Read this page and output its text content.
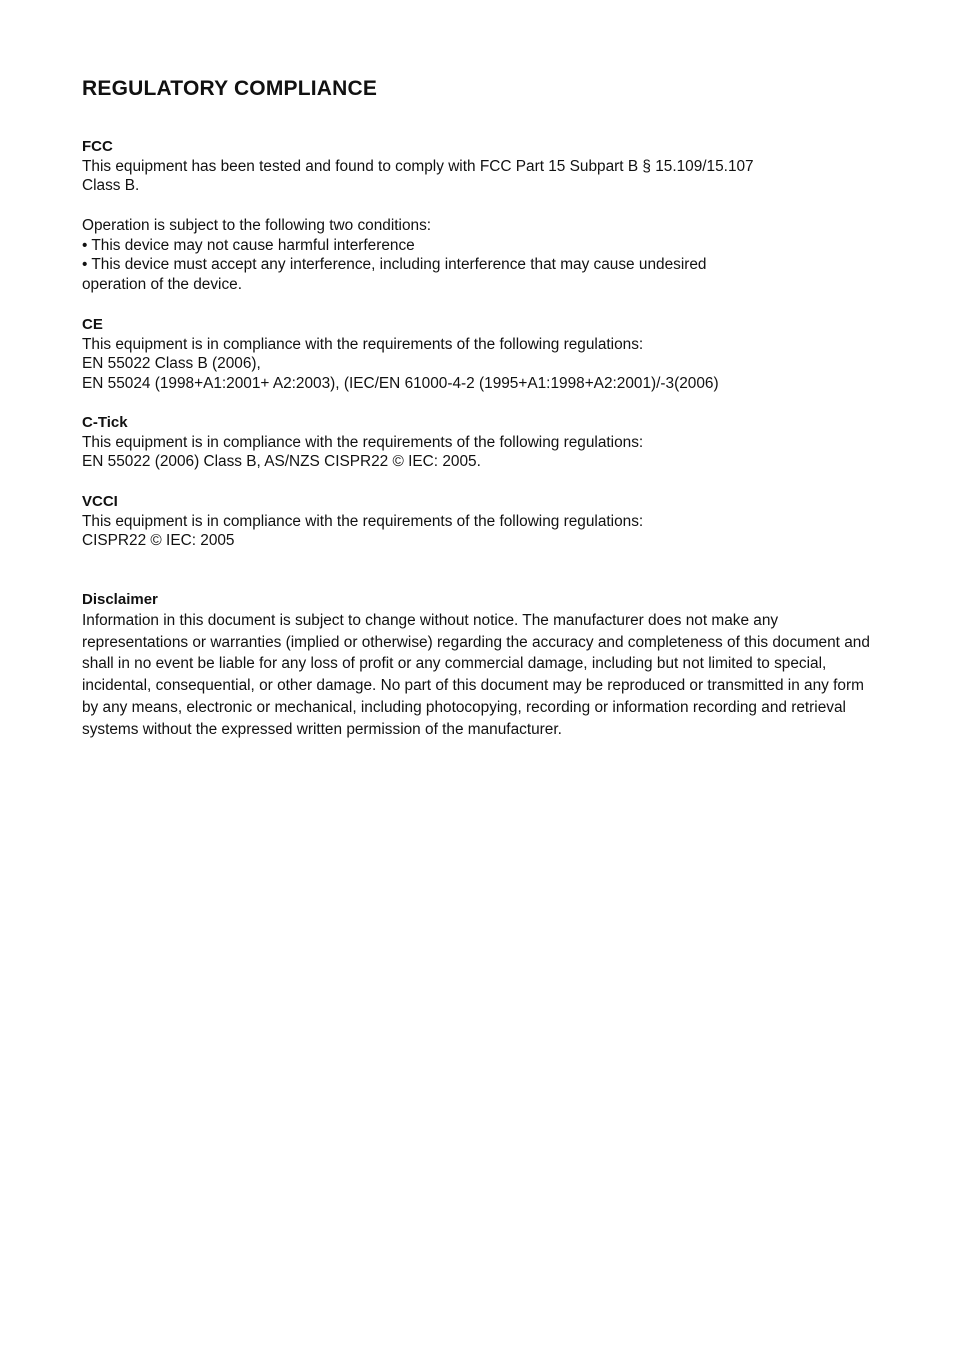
REGULATORY COMPLIANCE
FCC
This equipment has been tested and found to comply with FCC Part 15 Subpart B § 15.109/15.107
Class B.
Operation is subject to the following two conditions:
• This device may not cause harmful interference
• This device must accept any interference, including interference that may cause undesired
operation of the device.
CE
This equipment is in compliance with the requirements of the following regulations:
EN 55022 Class B (2006),
EN 55024 (1998+A1:2001+ A2:2003), (IEC/EN 61000-4-2 (1995+A1:1998+A2:2001)/-3(2006)
C-Tick
This equipment is in compliance with the requirements of the following regulations:
EN 55022 (2006) Class B, AS/NZS CISPR22 © IEC: 2005.
VCCI
This equipment is in compliance with the requirements of the following regulations:
CISPR22 © IEC: 2005
Disclaimer
Information in this document is subject to change without notice. The manufacturer does not make any representations or warranties (implied or otherwise) regarding the accuracy and completeness of this document and shall in no event be liable for any loss of profit or any commercial damage, including but not limited to special, incidental, consequential, or other damage. No part of this document may be reproduced or transmitted in any form by any means, electronic or mechanical, including photocopying, recording or information recording and retrieval systems without the expressed written permission of the manufacturer.
